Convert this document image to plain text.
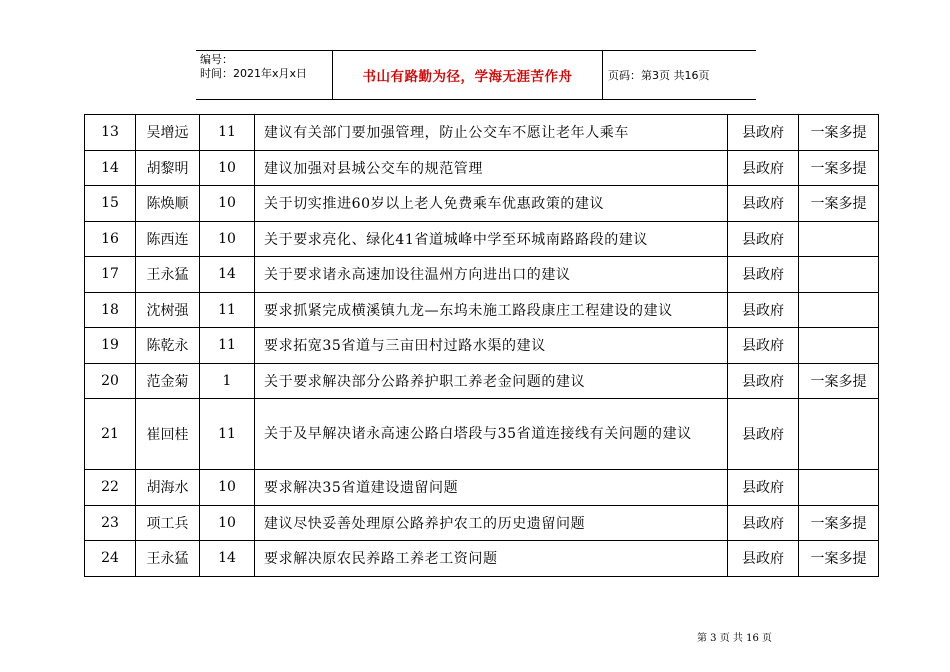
编号：
时间：2021年x月x日	书山有路勤为径，学海无涯苦作舟	页码：第3页 共16页
13	吴增远	11	建议有关部门要加强管理，防止公交车不愿让老年人乘车	县政府	一案多提
14	胡黎明	10	建议加强对县城公交车的规范管理	县政府	一案多提
15	陈焕顺	10	关于切实推进60岁以上老人免费乘车优惠政策的建议	县政府	一案多提
16	陈西连	10	关于要求亮化、绿化41省道城峰中学至环城南路路段的建议	县政府	
17	王永猛	14	关于要求诸永高速加设往温州方向进出口的建议	县政府	
18	沈树强	11	要求抓紧完成横溪镇九龙—东坞未施工路段康庄工程建设的建议	县政府	
19	陈乾永	11	要求拓宽35省道与三亩田村过路水渠的建议	县政府	
20	范金菊	1	关于要求解决部分公路养护职工养老金问题的建议	县政府	一案多提
21	崔回桂	11	关于及早解决诸永高速公路白塔段与35省道连接线有关问题的建议	县政府	
22	胡海水	10	要求解决35省道建设遗留问题	县政府	
23	项工兵	10	建议尽快妥善处理原公路养护农工的历史遗留问题	县政府	一案多提
24	王永猛	14	要求解决原农民养路工养老工资问题	县政府	一案多提
第 3 页 共 16 页
